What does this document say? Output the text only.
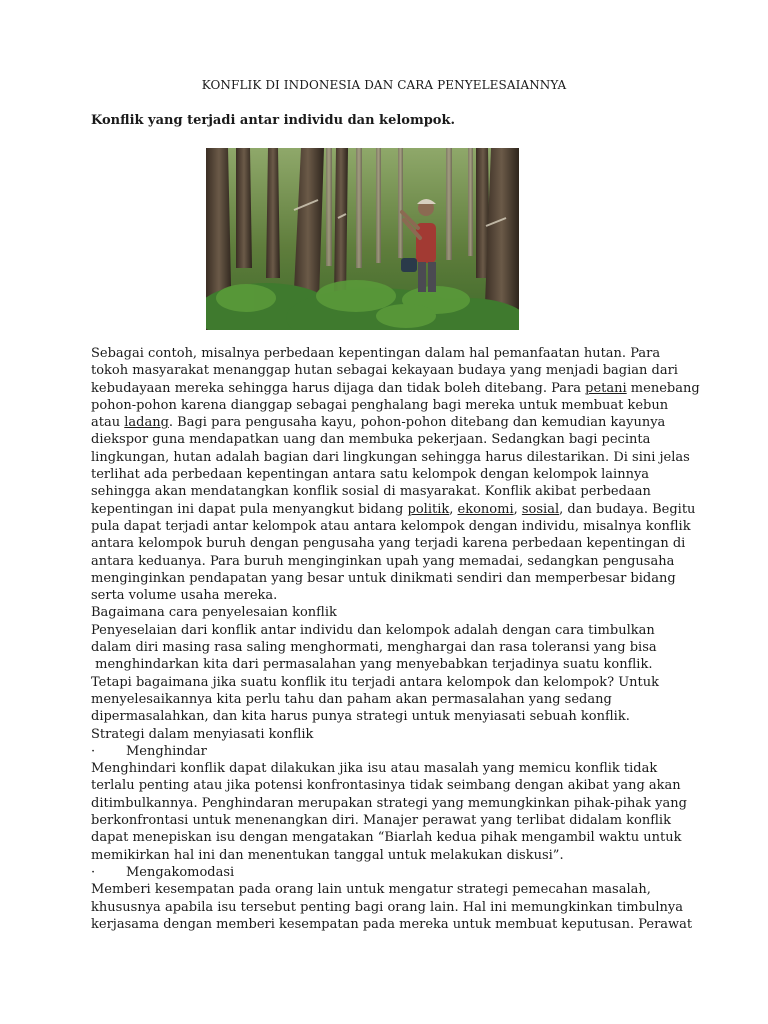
KONFLIK DI INDONESIA DAN CARA PENYELESAIANNYA
Konflik yang terjadi antar individu dan kelompok.
Sebagai contoh, misalnya perbedaan kepentingan dalam hal pemanfaatan hutan. Para
tokoh masyarakat menanggap hutan sebagai kekayaan budaya yang menjadi bagian dari
kebudayaan mereka sehingga harus dijaga dan tidak boleh ditebang. Para petani menebang
pohon-pohon karena dianggap sebagai penghalang bagi mereka untuk membuat kebun
atau ladang. Bagi para pengusaha kayu, pohon-pohon ditebang dan kemudian kayunya
diekspor guna mendapatkan uang dan membuka pekerjaan. Sedangkan bagi pecinta
lingkungan, hutan adalah bagian dari lingkungan sehingga harus dilestarikan. Di sini jelas
terlihat ada perbedaan kepentingan antara satu kelompok dengan kelompok lainnya
sehingga akan mendatangkan konflik sosial di masyarakat. Konflik akibat perbedaan
kepentingan ini dapat pula menyangkut bidang politik, ekonomi, sosial, dan budaya. Begitu
pula dapat terjadi antar kelompok atau antara kelompok dengan individu, misalnya konflik
antara kelompok buruh dengan pengusaha yang terjadi karena perbedaan kepentingan di
antara keduanya. Para buruh menginginkan upah yang memadai, sedangkan pengusaha
menginginkan pendapatan yang besar untuk dinikmati sendiri dan memperbesar bidang
serta volume usaha mereka.
Bagaimana cara penyelesaian konflik
Penyeselaian dari konflik antar individu dan kelompok adalah dengan cara timbulkan
dalam diri masing rasa saling menghormati, menghargai dan rasa toleransi yang bisa
menghindarkan kita dari permasalahan yang menyebabkan terjadinya suatu konflik.
Tetapi bagaimana jika suatu konflik itu terjadi antara kelompok dan kelompok? Untuk
menyelesaikannya kita perlu tahu dan paham akan permasalahan yang sedang
dipermasalahkan, dan kita harus punya strategi untuk menyiasati sebuah konflik.
Strategi dalam menyiasati konflik
· Menghindar
Menghindari konflik dapat dilakukan jika isu atau masalah yang memicu konflik tidak
terlalu penting atau jika potensi konfrontasinya tidak seimbang dengan akibat yang akan
ditimbulkannya. Penghindaran merupakan strategi yang memungkinkan pihak-pihak yang
berkonfrontasi untuk menenangkan diri. Manajer perawat yang terlibat didalam konflik
dapat menepiskan isu dengan mengatakan “Biarlah kedua pihak mengambil waktu untuk
memikirkan hal ini dan menentukan tanggal untuk melakukan diskusi”.
· Mengakomodasi
Memberi kesempatan pada orang lain untuk mengatur strategi pemecahan masalah,
khususnya apabila isu tersebut penting bagi orang lain. Hal ini memungkinkan timbulnya
kerjasama dengan memberi kesempatan pada mereka untuk membuat keputusan. Perawat
